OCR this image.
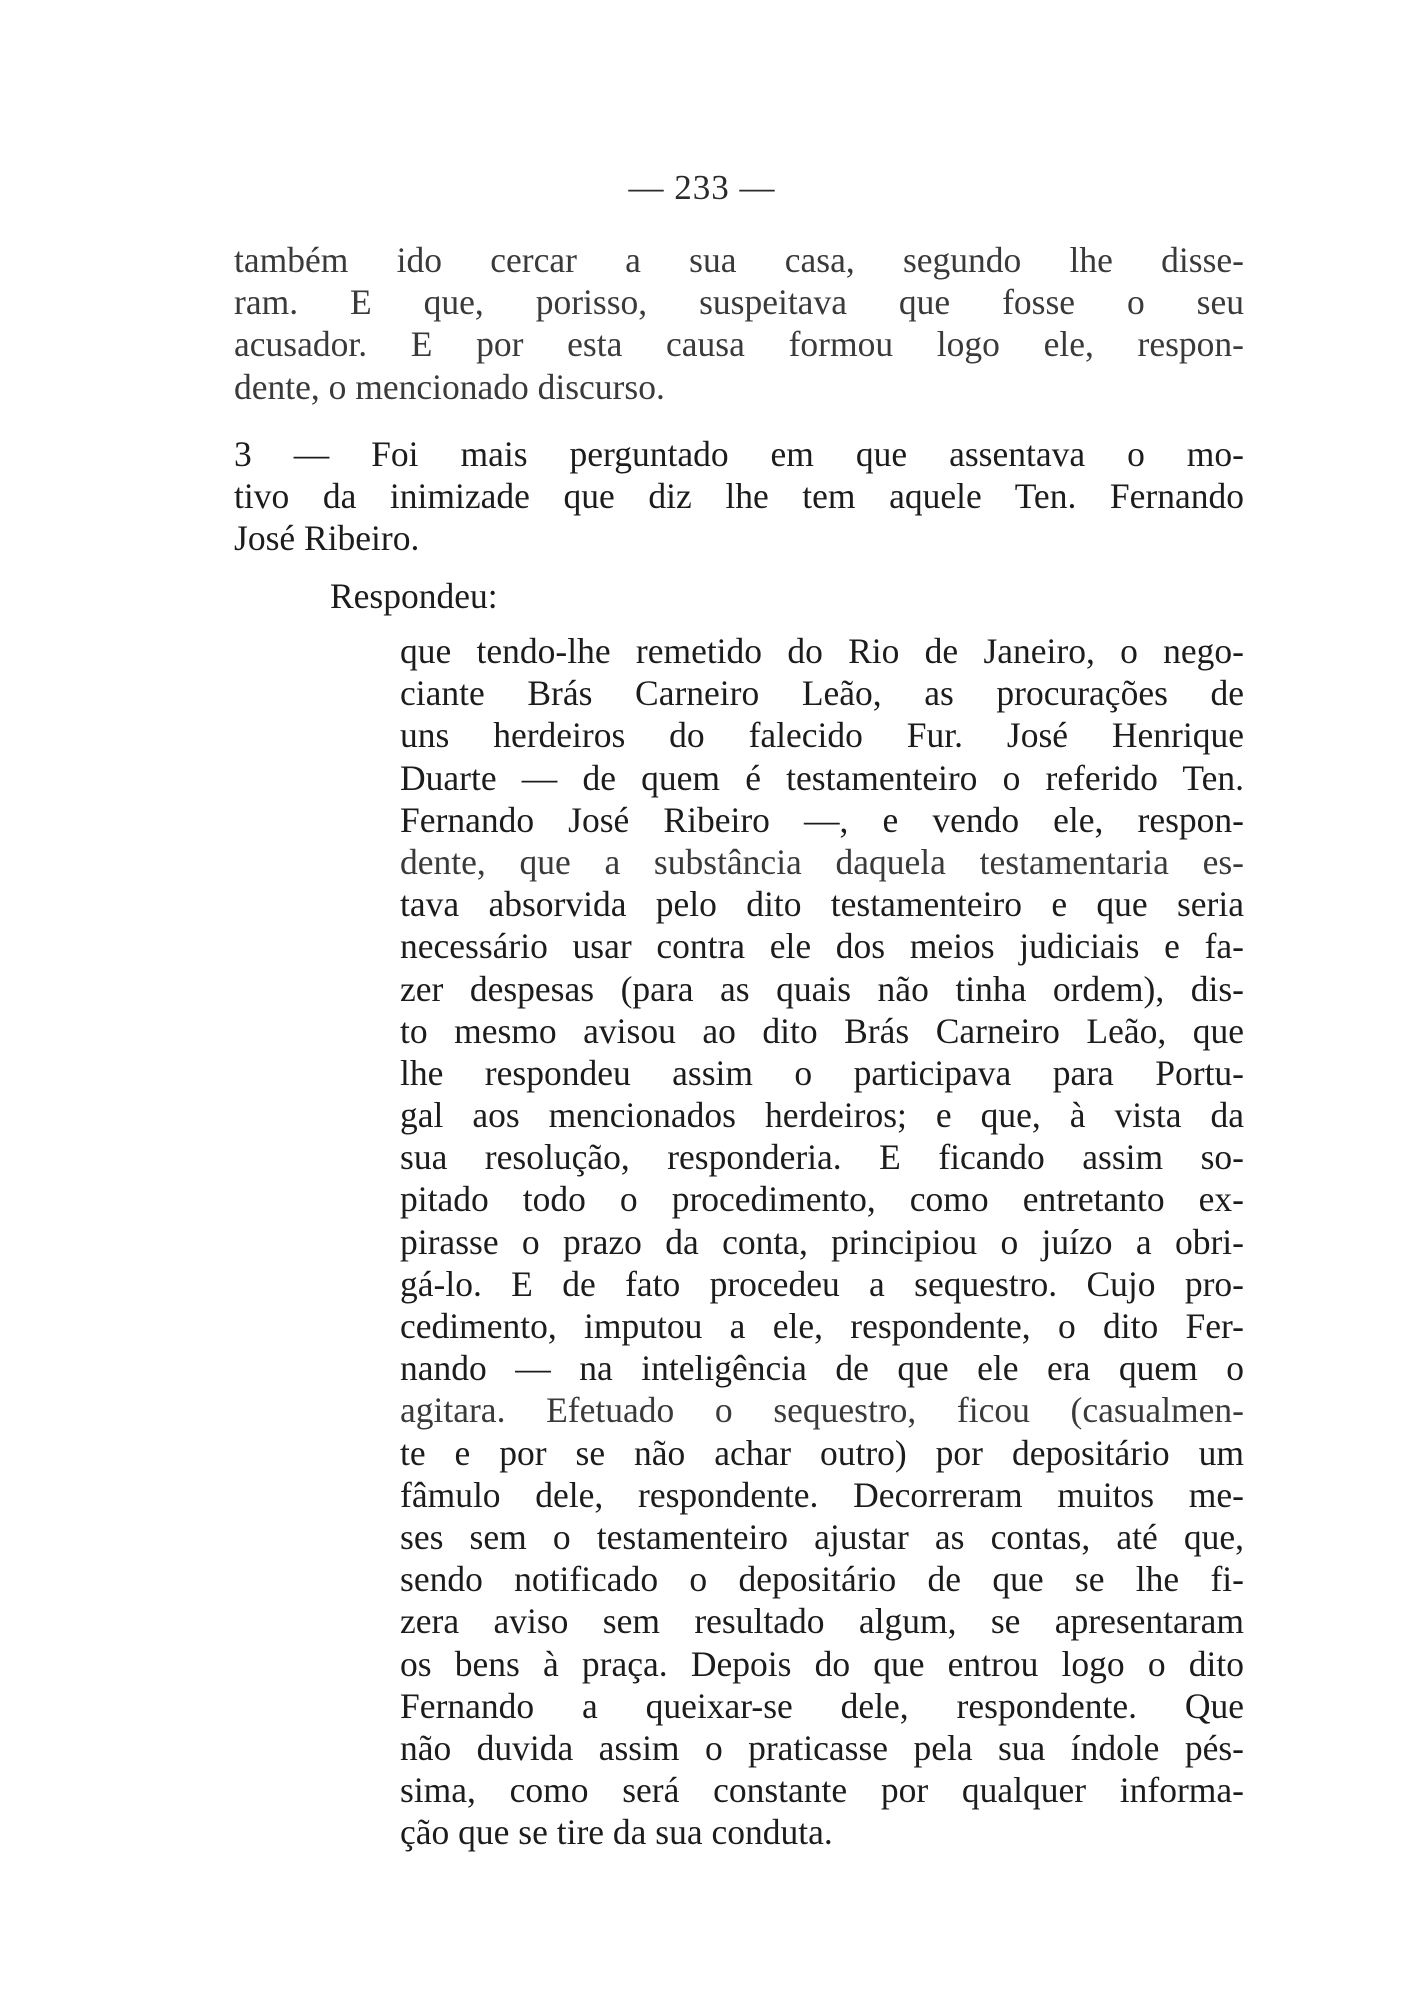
— 233 —
também ido cercar a sua casa, segundo lhe disse-
ram. E que, porisso, suspeitava que fosse o seu
acusador. E por esta causa formou logo ele, respon-
dente, o mencionado discurso.
3 — Foi mais perguntado em que assentava o mo-
tivo da inimizade que diz lhe tem aquele Ten. Fernando
José Ribeiro.
Respondeu:
que tendo-lhe remetido do Rio de Janeiro, o nego-
ciante Brás Carneiro Leão, as procurações de
uns herdeiros do falecido Fur. José Henrique
Duarte — de quem é testamenteiro o referido Ten.
Fernando José Ribeiro —, e vendo ele, respon-
dente, que a substância daquela testamentaria es-
tava absorvida pelo dito testamenteiro e que seria
necessário usar contra ele dos meios judiciais e fa-
zer despesas (para as quais não tinha ordem), dis-
to mesmo avisou ao dito Brás Carneiro Leão, que
lhe respondeu assim o participava para Portu-
gal aos mencionados herdeiros; e que, à vista da
sua resolução, responderia. E ficando assim so-
pitado todo o procedimento, como entretanto ex-
pirasse o prazo da conta, principiou o juízo a obri-
gá-lo. E de fato procedeu a sequestro. Cujo pro-
cedimento, imputou a ele, respondente, o dito Fer-
nando — na inteligência de que ele era quem o
agitara. Efetuado o sequestro, ficou (casualmen-
te e por se não achar outro) por depositário um
fâmulo dele, respondente. Decorreram muitos me-
ses sem o testamenteiro ajustar as contas, até que,
sendo notificado o depositário de que se lhe fi-
zera aviso sem resultado algum, se apresentaram
os bens à praça. Depois do que entrou logo o dito
Fernando a queixar-se dele, respondente. Que
não duvida assim o praticasse pela sua índole pés-
sima, como será constante por qualquer informa-
ção que se tire da sua conduta.
